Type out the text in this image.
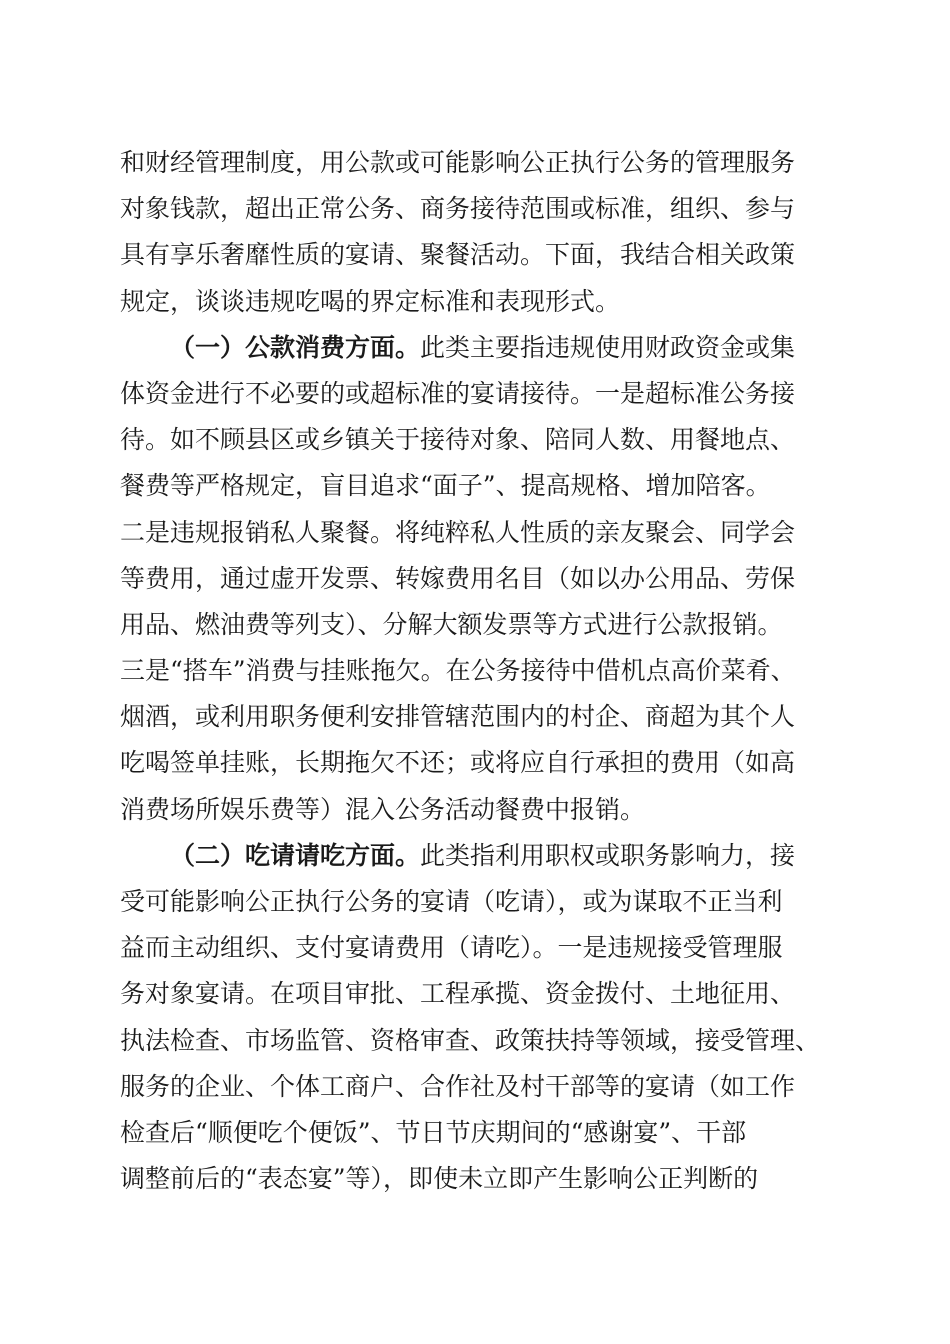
和财经管理制度，用公款或可能影响公正执行公务的管理服务
对象钱款，超出正常公务、商务接待范围或标准，组织、参与
具有享乐奢靡性质的宴请、聚餐活动。下面，我结合相关政策
规定，谈谈违规吃喝的界定标准和表现形式。

（一）公款消费方面。此类主要指违规使用财政资金或集
体资金进行不必要的或超标准的宴请接待。一是超标准公务接
待。如不顾县区或乡镇关于接待对象、陪同人数、用餐地点、
餐费等严格规定，盲目追求“面子”、提高规格、增加陪客。
二是违规报销私人聚餐。将纯粹私人性质的亲友聚会、同学会
等费用，通过虚开发票、转嫁费用名目（如以办公用品、劳保
用品、燃油费等列支）、分解大额发票等方式进行公款报销。
三是“搭车”消费与挂账拖欠。在公务接待中借机点高价菜肴、
烟酒，或利用职务便利安排管辖范围内的村企、商超为其个人
吃喝签单挂账，长期拖欠不还；或将应自行承担的费用（如高
消费场所娱乐费等）混入公务活动餐费中报销。

（二）吃请请吃方面。此类指利用职权或职务影响力，接
受可能影响公正执行公务的宴请（吃请），或为谋取不正当利
益而主动组织、支付宴请费用（请吃）。一是违规接受管理服
务对象宴请。在项目审批、工程承揽、资金拨付、土地征用、
执法检查、市场监管、资格审查、政策扶持等领域，接受管理、
服务的企业、个体工商户、合作社及村干部等的宴请（如工作
检查后“顺便吃个便饭”、节日节庆期间的“感谢宴”、干部
调整前后的“表态宴”等），即使未立即产生影响公正判断的
